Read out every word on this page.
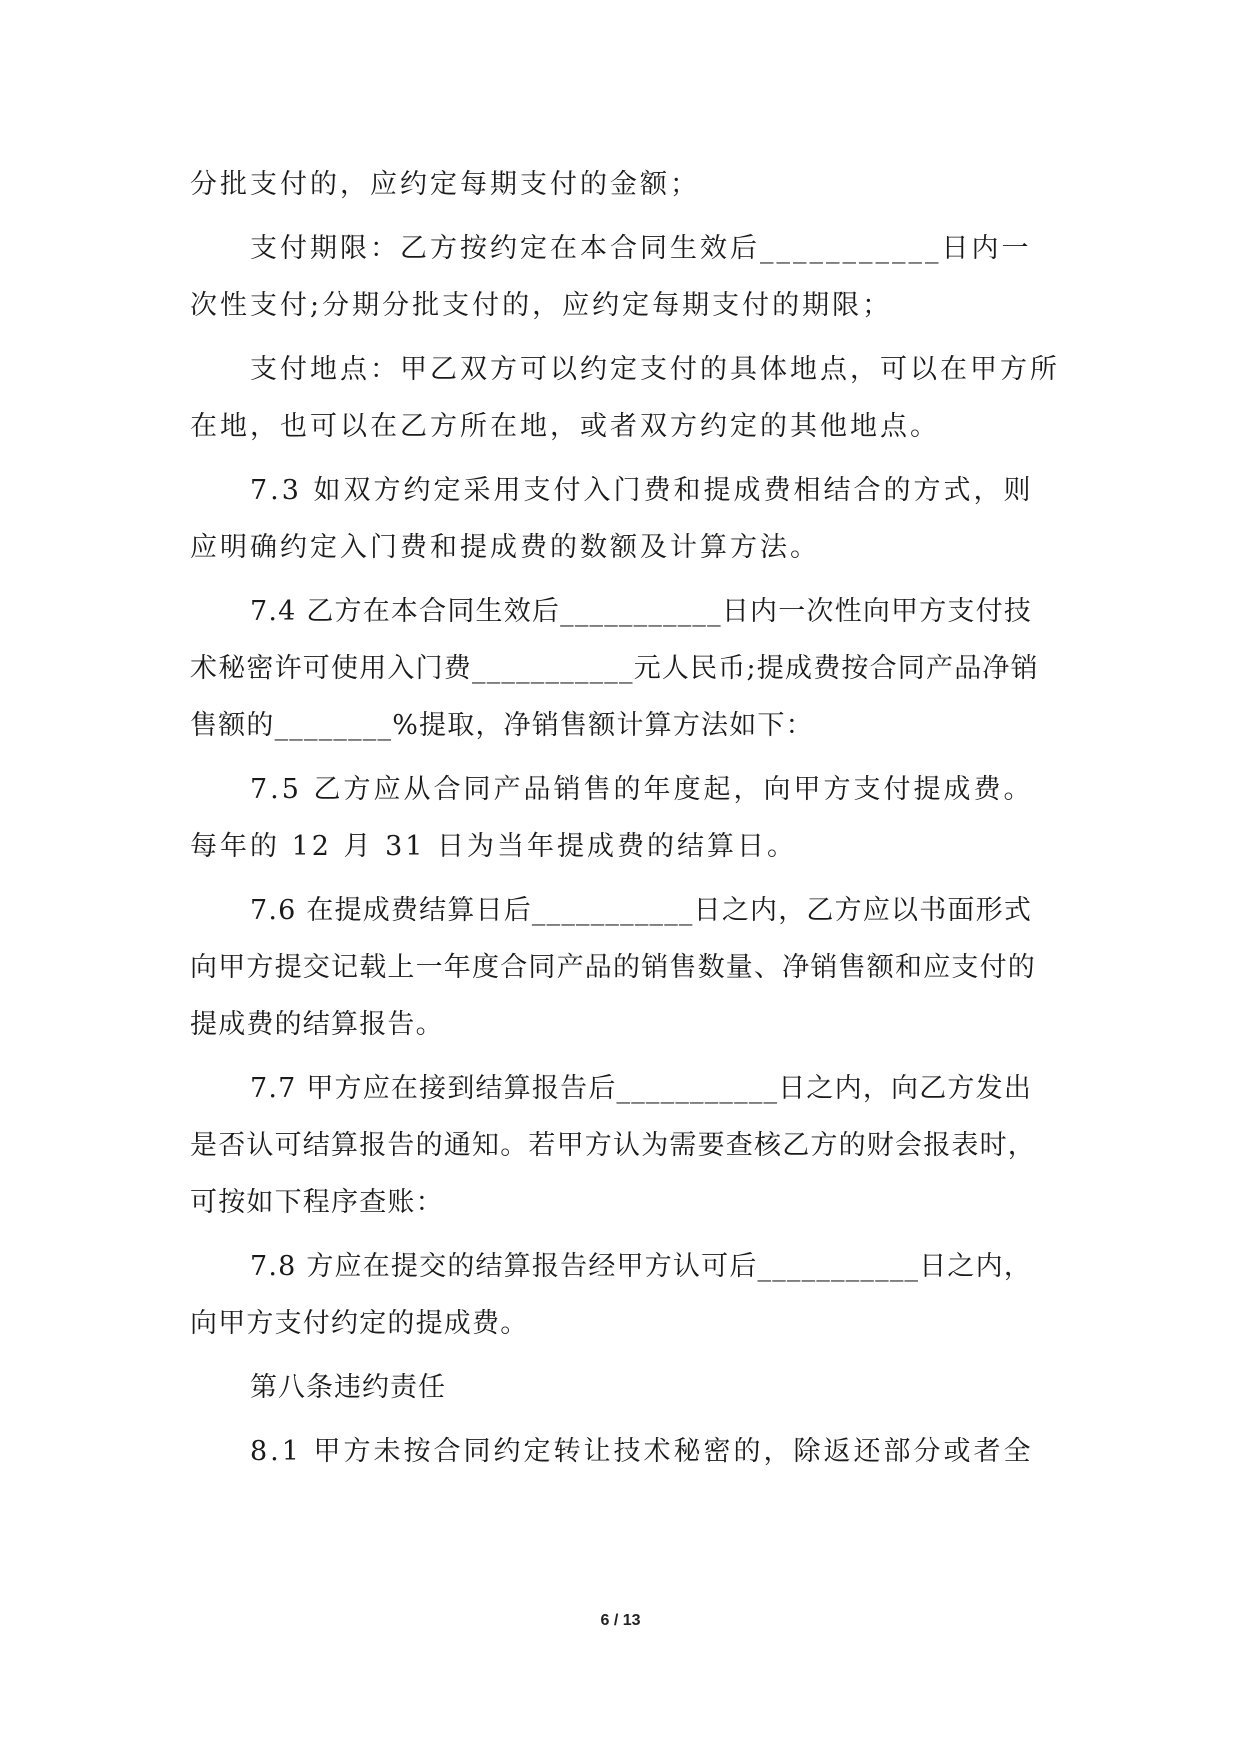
分批支付的，应约定每期支付的金额；

支付期限：乙方按约定在本合同生效后___________日内一次性支付;分期分批支付的，应约定每期支付的期限；

支付地点：甲乙双方可以约定支付的具体地点，可以在甲方所在地，也可以在乙方所在地，或者双方约定的其他地点。

7.3 如双方约定采用支付入门费和提成费相结合的方式，则应明确约定入门费和提成费的数额及计算方法。

7.4 乙方在本合同生效后___________日内一次性向甲方支付技术秘密许可使用入门费___________元人民币;提成费按合同产品净销售额的________%提取，净销售额计算方法如下：

7.5 乙方应从合同产品销售的年度起，向甲方支付提成费。每年的 12 月 31 日为当年提成费的结算日。

7.6 在提成费结算日后___________日之内，乙方应以书面形式向甲方提交记载上一年度合同产品的销售数量、净销售额和应支付的提成费的结算报告。

7.7 甲方应在接到结算报告后___________日之内，向乙方发出是否认可结算报告的通知。若甲方认为需要查核乙方的财会报表时，可按如下程序查账：

7.8 方应在提交的结算报告经甲方认可后___________日之内，向甲方支付约定的提成费。

第八条违约责任

8.1 甲方未按合同约定转让技术秘密的，除返还部分或者全

6 / 13
